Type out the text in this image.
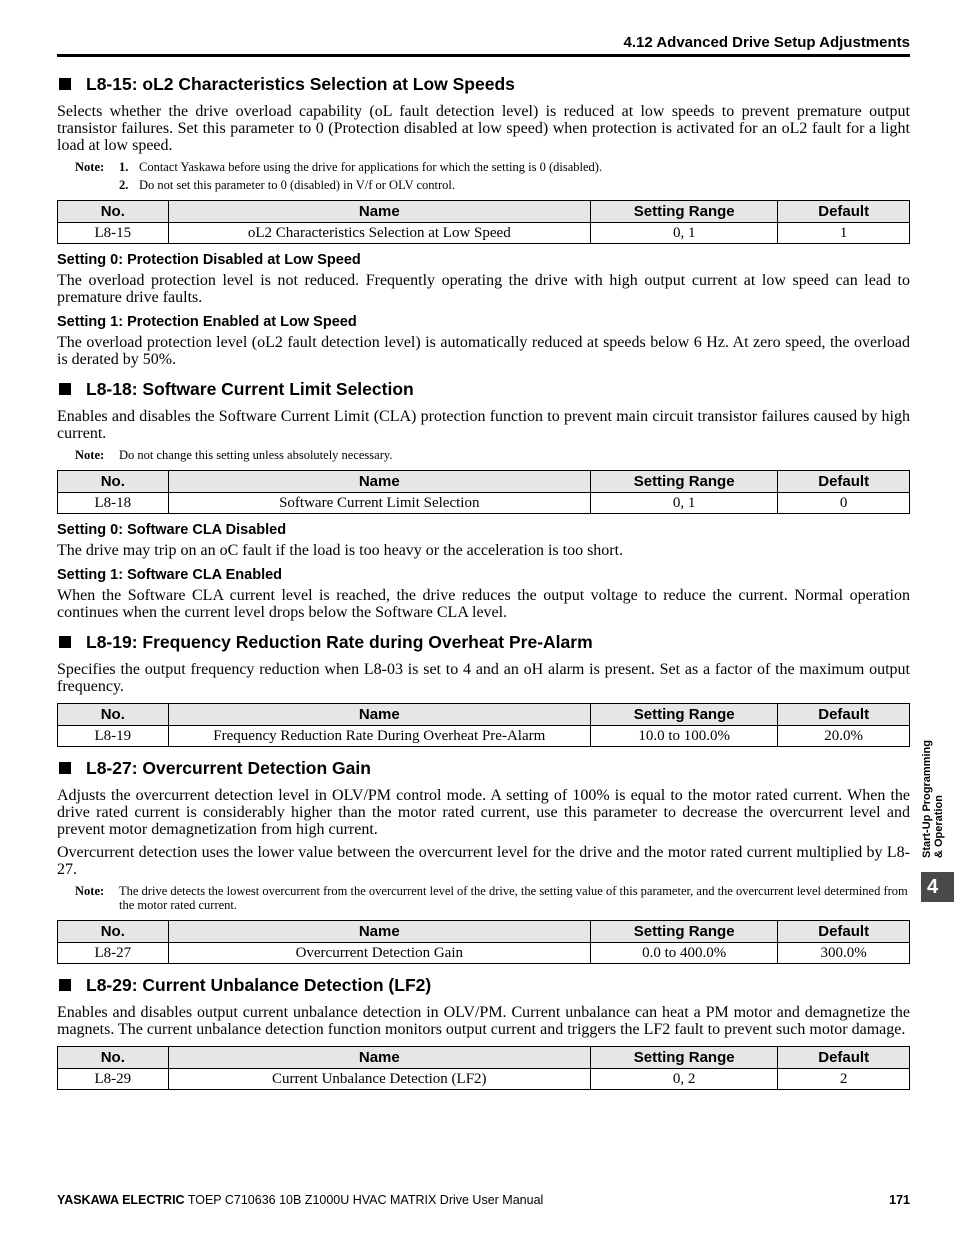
4.12 Advanced Drive Setup Adjustments
L8-15: oL2 Characteristics Selection at Low Speeds

Selects whether the drive overload capability (oL fault detection level) is reduced at low speeds to prevent premature output transistor failures. Set this parameter to 0 (Protection disabled at low speed) when protection is activated for an oL2 fault for a light load at low speed.

Note:	1. Contact Yaskawa before using the drive for applications for which the setting is 0 (disabled).
2. Do not set this parameter to 0 (disabled) in V/f or OLV control.
No.	Name	Setting Range	Default
L8-15	oL2 Characteristics Selection at Low Speed	0, 1	1
Setting 0: Protection Disabled at Low Speed

The overload protection level is not reduced. Frequently operating the drive with high output current at low speed can lead to premature drive faults.

Setting 1: Protection Enabled at Low Speed

The overload protection level (oL2 fault detection level) is automatically reduced at speeds below 6 Hz. At zero speed, the overload is derated by 50%.

L8-18: Software Current Limit Selection

Enables and disables the Software Current Limit (CLA) protection function to prevent main circuit transistor failures caused by high current.

Note:	Do not change this setting unless absolutely necessary.
No.	Name	Setting Range	Default
L8-18	Software Current Limit Selection	0, 1	0
Setting 0: Software CLA Disabled

The drive may trip on an oC fault if the load is too heavy or the acceleration is too short.

Setting 1: Software CLA Enabled

When the Software CLA current level is reached, the drive reduces the output voltage to reduce the current. Normal operation continues when the current level drops below the Software CLA level.

L8-19: Frequency Reduction Rate during Overheat Pre-Alarm

Specifies the output frequency reduction when L8-03 is set to 4 and an oH alarm is present. Set as a factor of the maximum output frequency.

No.	Name	Setting Range	Default
L8-19	Frequency Reduction Rate During Overheat Pre-Alarm	10.0 to 100.0%	20.0%
L8-27: Overcurrent Detection Gain

Adjusts the overcurrent detection level in OLV/PM control mode. A setting of 100% is equal to the motor rated current. When the drive rated current is considerably higher than the motor rated current, use this parameter to decrease the overcurrent level and prevent motor demagnetization from high current.

Overcurrent detection uses the lower value between the overcurrent level for the drive and the motor rated current multiplied by L8-27.

Note:	The drive detects the lowest overcurrent from the overcurrent level of the drive, the setting value of this parameter, and the overcurrent level determined from the motor rated current.
No.	Name	Setting Range	Default
L8-27	Overcurrent Detection Gain	0.0 to 400.0%	300.0%
L8-29: Current Unbalance Detection (LF2)

Enables and disables output current unbalance detection in OLV/PM. Current unbalance can heat a PM motor and demagnetize the magnets. The current unbalance detection function monitors output current and triggers the LF2 fault to prevent such motor damage.

No.	Name	Setting Range	Default
L8-29	Current Unbalance Detection (LF2)	0, 2	2
Start-Up Programming & Operation
4
YASKAWA ELECTRIC TOEP C710636 10B Z1000U HVAC MATRIX Drive User Manual	171
